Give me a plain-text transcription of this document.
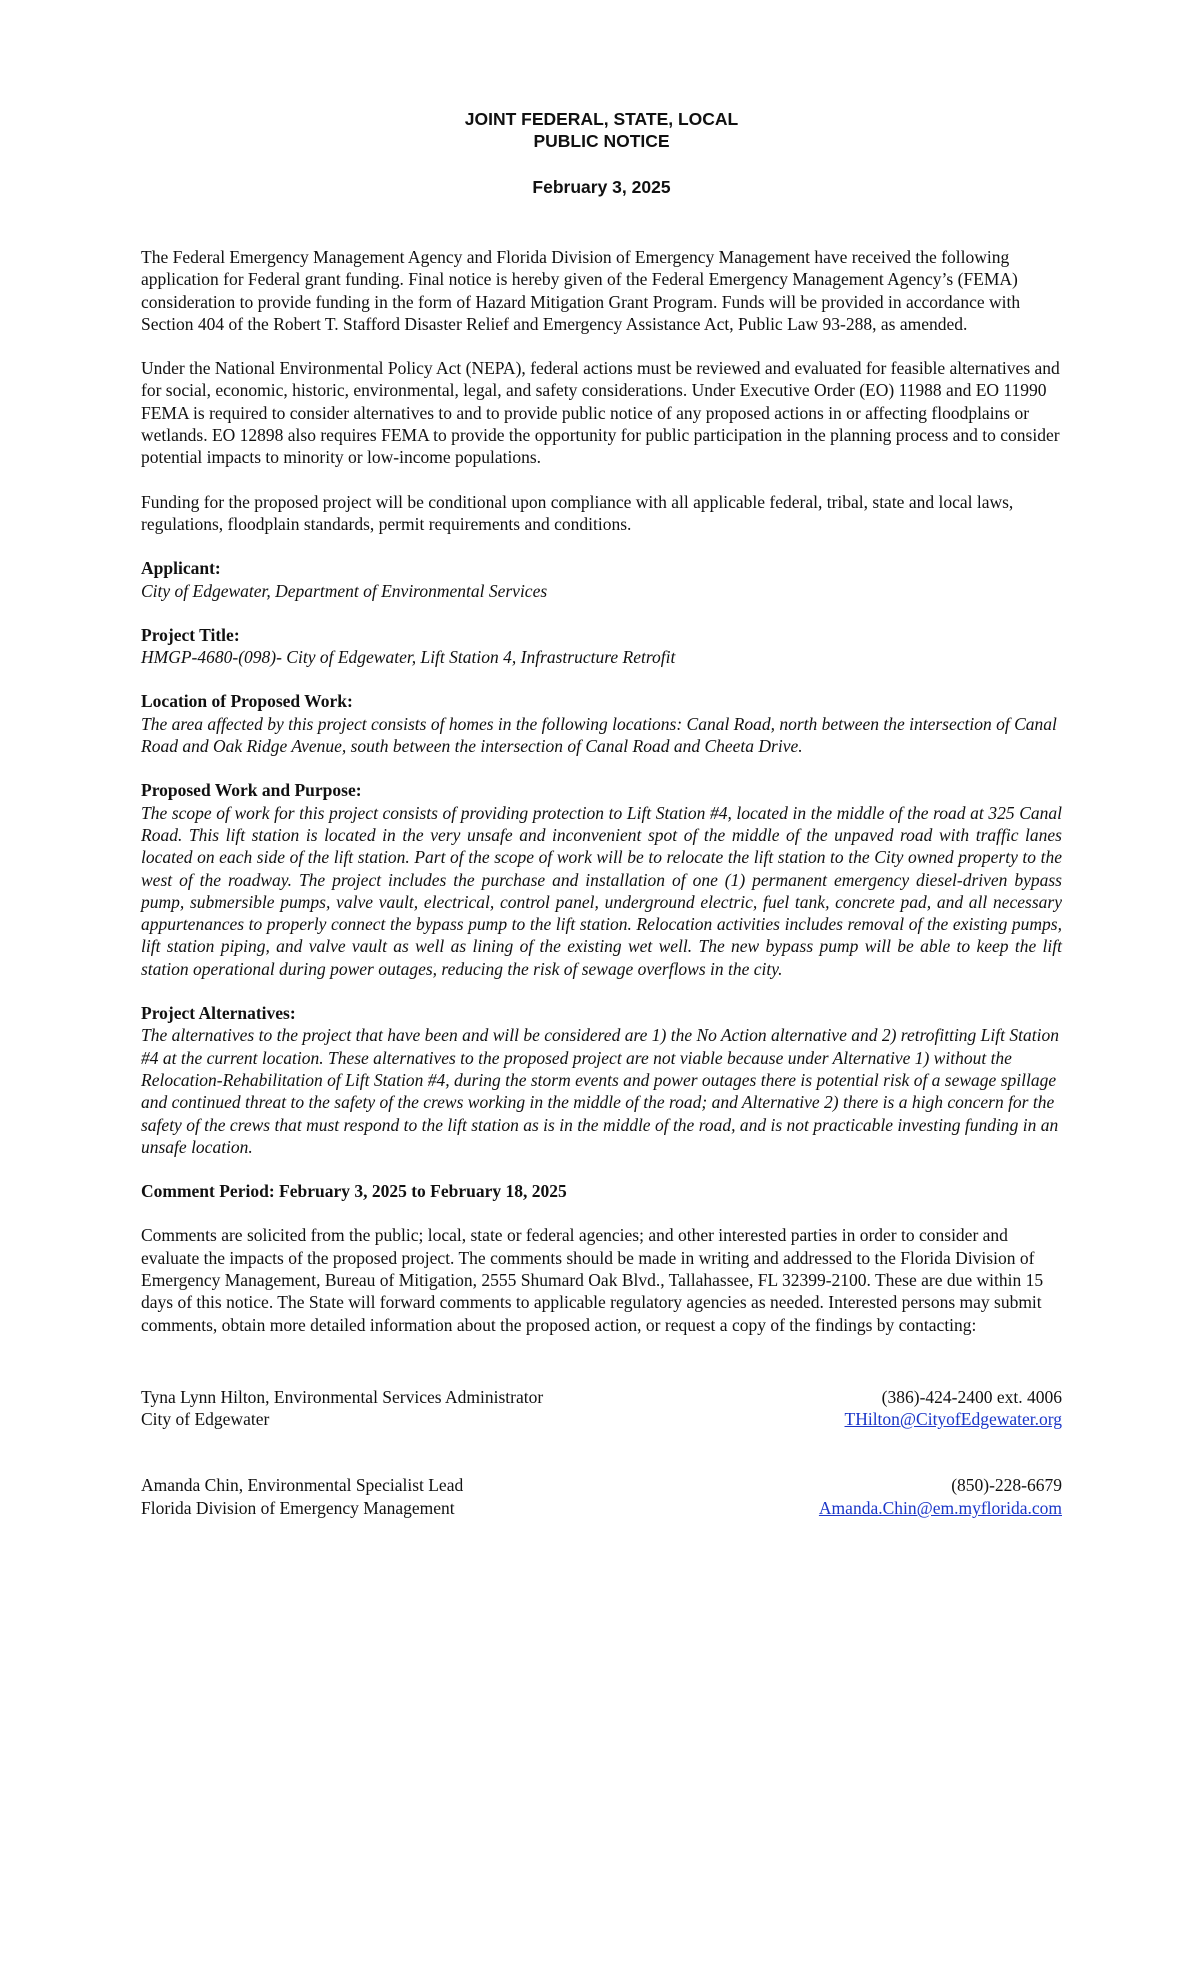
JOINT FEDERAL, STATE, LOCAL
PUBLIC NOTICE
February 3, 2025

The Federal Emergency Management Agency and Florida Division of Emergency Management have received the following application for Federal grant funding. Final notice is hereby given of the Federal Emergency Management Agency’s (FEMA) consideration to provide funding in the form of Hazard Mitigation Grant Program. Funds will be provided in accordance with Section 404 of the Robert T. Stafford Disaster Relief and Emergency Assistance Act, Public Law 93-288, as amended.

Under the National Environmental Policy Act (NEPA), federal actions must be reviewed and evaluated for feasible alternatives and for social, economic, historic, environmental, legal, and safety considerations. Under Executive Order (EO) 11988 and EO 11990 FEMA is required to consider alternatives to and to provide public notice of any proposed actions in or affecting floodplains or wetlands. EO 12898 also requires FEMA to provide the opportunity for public participation in the planning process and to consider potential impacts to minority or low-income populations.

Funding for the proposed project will be conditional upon compliance with all applicable federal, tribal, state and local laws, regulations, floodplain standards, permit requirements and conditions.

Applicant:
City of Edgewater, Department of Environmental Services
Project Title:
HMGP-4680-(098)- City of Edgewater, Lift Station 4, Infrastructure Retrofit
Location of Proposed Work:
The area affected by this project consists of homes in the following locations: Canal Road, north between the intersection of Canal Road and Oak Ridge Avenue, south between the intersection of Canal Road and Cheeta Drive.
Proposed Work and Purpose:
The scope of work for this project consists of providing protection to Lift Station #4, located in the middle of the road at 325 Canal Road. This lift station is located in the very unsafe and inconvenient spot of the middle of the unpaved road with traffic lanes located on each side of the lift station. Part of the scope of work will be to relocate the lift station to the City owned property to the west of the roadway. The project includes the purchase and installation of one (1) permanent emergency diesel-driven bypass pump, submersible pumps, valve vault, electrical, control panel, underground electric, fuel tank, concrete pad, and all necessary appurtenances to properly connect the bypass pump to the lift station. Relocation activities includes removal of the existing pumps, lift station piping, and valve vault as well as lining of the existing wet well. The new bypass pump will be able to keep the lift station operational during power outages, reducing the risk of sewage overflows in the city.
Project Alternatives:
The alternatives to the project that have been and will be considered are 1) the No Action alternative and 2) retrofitting Lift Station #4 at the current location. These alternatives to the proposed project are not viable because under Alternative 1) without the Relocation-Rehabilitation of Lift Station #4, during the storm events and power outages there is potential risk of a sewage spillage and continued threat to the safety of the crews working in the middle of the road; and Alternative 2) there is a high concern for the safety of the crews that must respond to the lift station as is in the middle of the road, and is not practicable investing funding in an unsafe location.

Comment Period: February 3, 2025 to February 18, 2025

Comments are solicited from the public; local, state or federal agencies; and other interested parties in order to consider and evaluate the impacts of the proposed project. The comments should be made in writing and addressed to the Florida Division of Emergency Management, Bureau of Mitigation, 2555 Shumard Oak Blvd., Tallahassee, FL 32399-2100. These are due within 15 days of this notice. The State will forward comments to applicable regulatory agencies as needed. Interested persons may submit comments, obtain more detailed information about the proposed action, or request a copy of the findings by contacting:

Tyna Lynn Hilton, Environmental Services Administrator
City of Edgewater
(386)-424-2400 ext. 4006
THilton@CityofEdgewater.org
Amanda Chin, Environmental Specialist Lead
Florida Division of Emergency Management
(850)-228-6679
Amanda.Chin@em.myflorida.com
